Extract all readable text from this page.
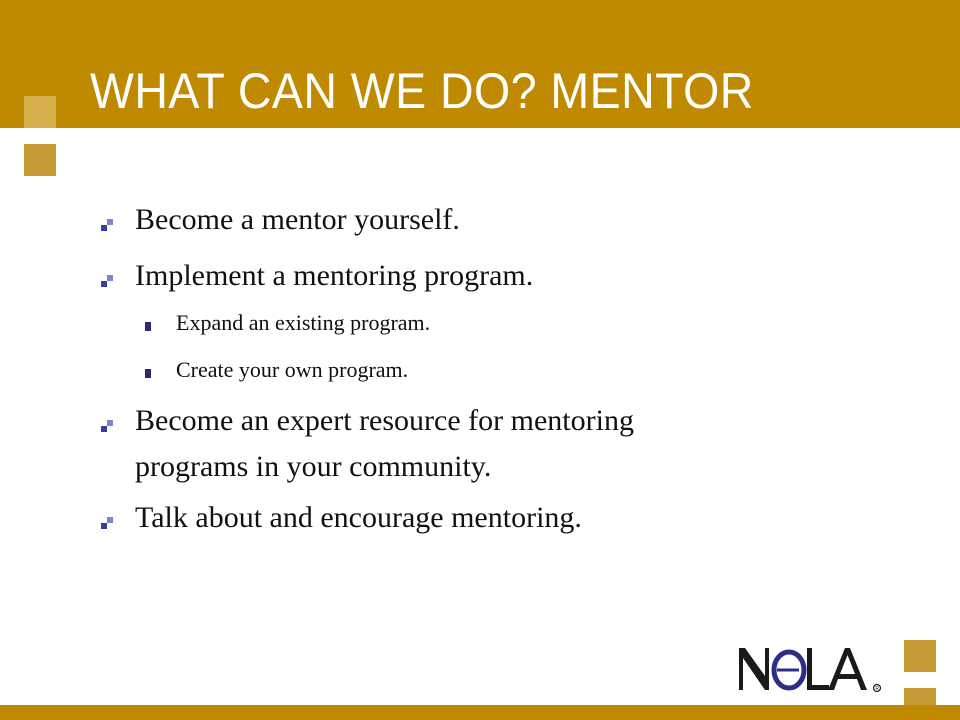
WHAT CAN WE DO? MENTOR
Become a mentor yourself.
Implement a mentoring program.
Expand an existing program.
Create your own program.
Become an expert resource for mentoring
programs in your community.
Talk about and encourage mentoring.
R
